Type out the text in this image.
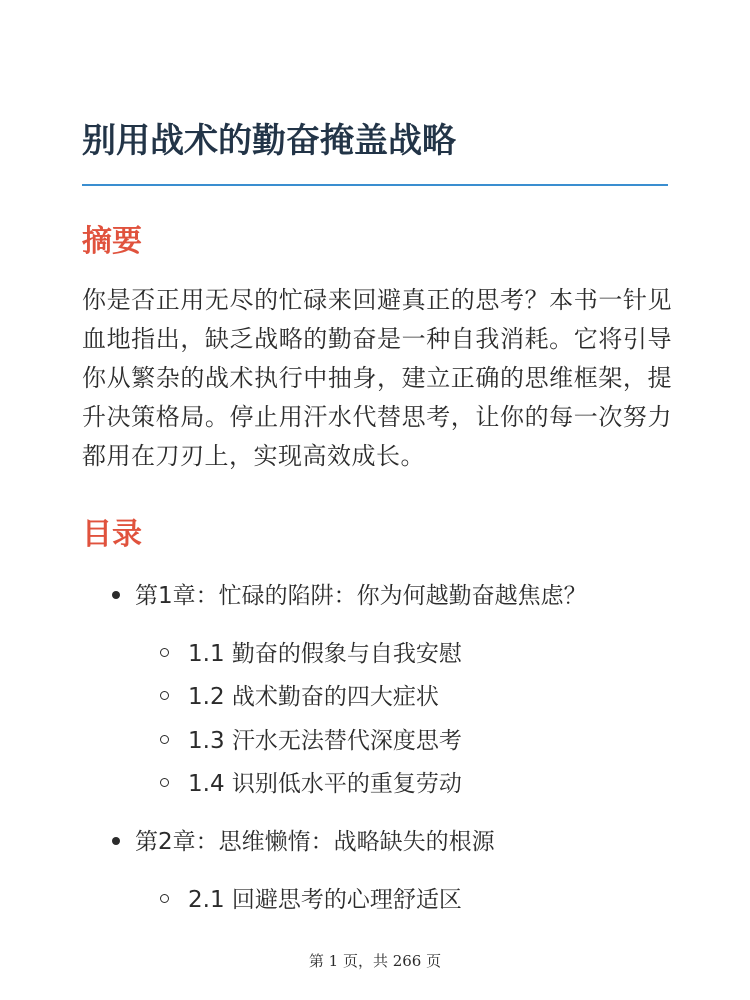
别用战术的勤奋掩盖战略
摘要

你是否正用无尽的忙碌来回避真正的思考？本书一针见血地指出，缺乏战略的勤奋是一种自我消耗。它将引导你从繁杂的战术执行中抽身，建立正确的思维框架，提升决策格局。停止用汗水代替思考，让你的每一次努力都用在刀刃上，实现高效成长。

目录
第1章：忙碌的陷阱：你为何越勤奋越焦虑？
1.1 勤奋的假象与自我安慰
1.2 战术勤奋的四大症状
1.3 汗水无法替代深度思考
1.4 识别低水平的重复劳动
第2章：思维懒惰：战略缺失的根源
2.1 回避思考的心理舒适区
第 1 页，共 266 页
